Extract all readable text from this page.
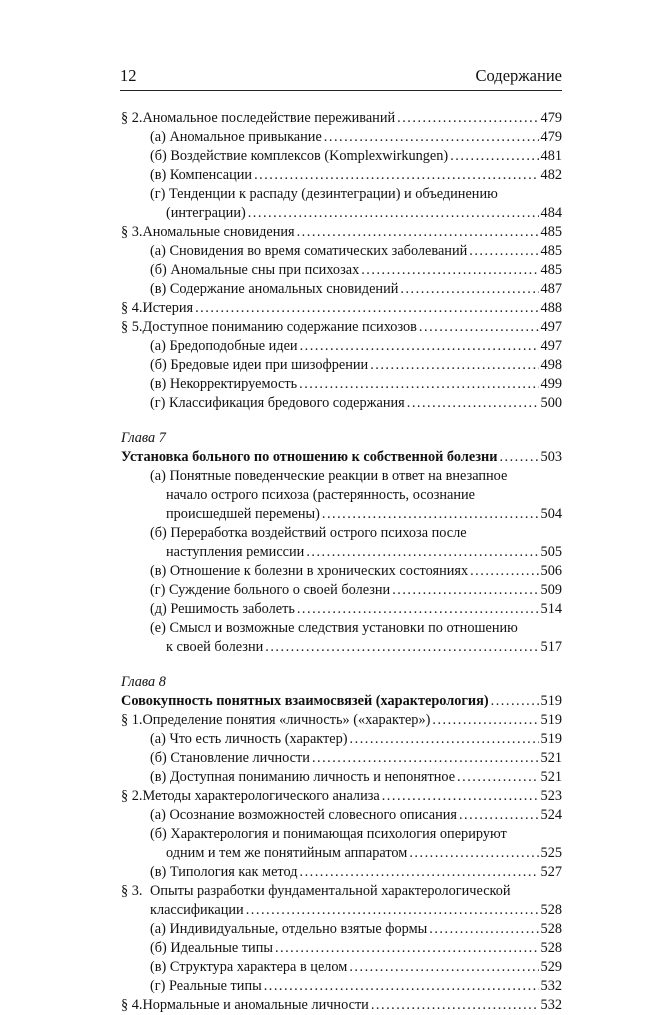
12	Содержание
§ 2. Аномальное последействие переживаний .....	479
(а) Аномальное привыкание .....	479
(б) Воздействие комплексов (Komplexwirkungen) .....	481
(в) Компенсации .....	482
(г) Тенденции к распаду (дезинтеграции) и объединению
(интеграции) .....	484
§ 3. Аномальные сновидения .....	485
(а) Сновидения во время соматических заболеваний .....	485
(б) Аномальные сны при психозах .....	485
(в) Содержание аномальных сновидений .....	487
§ 4. Истерия .....	488
§ 5. Доступное пониманию содержание психозов .....	497
(а) Бредоподобные идеи .....	497
(б) Бредовые идеи при шизофрении .....	498
(в) Некорректируемость .....	499
(г) Классификация бредового содержания .....	500
Глава 7
Установка больного по отношению к собственной болезни .....	503
(а) Понятные поведенческие реакции в ответ на внезапное
начало острого психоза (растерянность, осознание
происшедшей перемены) .....	504
(б) Переработка воздействий острого психоза после
наступления ремиссии .....	505
(в) Отношение к болезни в хронических состояниях .....	506
(г) Суждение больного о своей болезни .....	509
(д) Решимость заболеть .....	514
(е) Смысл и возможные следствия установки по отношению
к своей болезни .....	517
Глава 8
Совокупность понятных взаимосвязей (характерология) .....	519
§ 1. Определение понятия «личность» («характер») .....	519
(а) Что есть личность (характер) .....	519
(б) Становление личности .....	521
(в) Доступная пониманию личность и непонятное .....	521
§ 2. Методы характерологического анализа .....	523
(а) Осознание возможностей словесного описания .....	524
(б) Характерология и понимающая психология оперируют
одним и тем же понятийным аппаратом .....	525
(в) Типология как метод .....	527
§ 3. Опыты разработки фундаментальной характерологической
классификации .....	528
(а) Индивидуальные, отдельно взятые формы .....	528
(б) Идеальные типы .....	528
(в) Структура характера в целом .....	529
(г) Реальные типы .....	532
§ 4. Нормальные и аномальные личности .....	532
